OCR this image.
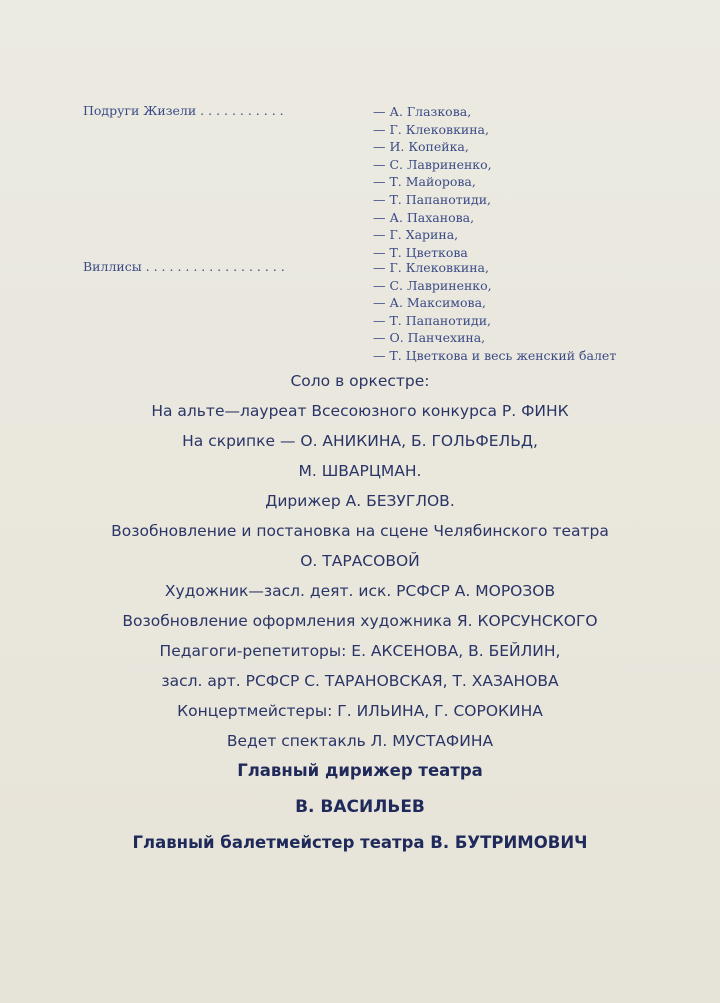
Подруги Жизели . . . . . . . . . . .	— А. Глазкова,
— Г. Клековкина,
— И. Копейка,
— С. Лавриненко,
— Т. Майорова,
— Т. Папанотиди,
— А. Паханова,
— Г. Харина,
— Т. Цветкова
Виллисы . . . . . . . . . . . . . . . . . .	— Г. Клековкина,
— С. Лавриненко,
— А. Максимова,
— Т. Папанотиди,
— О. Панчехина,
— Т. Цветкова и весь женский балет
Соло в оркестре:
На альте—лауреат Всесоюзного конкурса Р. ФИНК
На скрипке — О. АНИКИНА, Б. ГОЛЬФЕЛЬД,
М. ШВАРЦМАН.
Дирижер А. БЕЗУГЛОВ.
Возобновление и постановка на сцене Челябинского театра
О. ТАРАСОВОЙ
Художник—засл. деят. иск. РСФСР А. МОРОЗОВ
Возобновление оформления художника Я. КОРСУНСКОГО
Педагоги-репетиторы: Е. АКСЕНОВА, В. БЕЙЛИН,
засл. арт. РСФСР С. ТАРАНОВСКАЯ, Т. ХАЗАНОВА
Концертмейстеры: Г. ИЛЬИНА, Г. СОРОКИНА
Ведет спектакль Л. МУСТАФИНА
Главный дирижер театра
В. ВАСИЛЬЕВ
Главный балетмейстер театра В. БУТРИМОВИЧ
